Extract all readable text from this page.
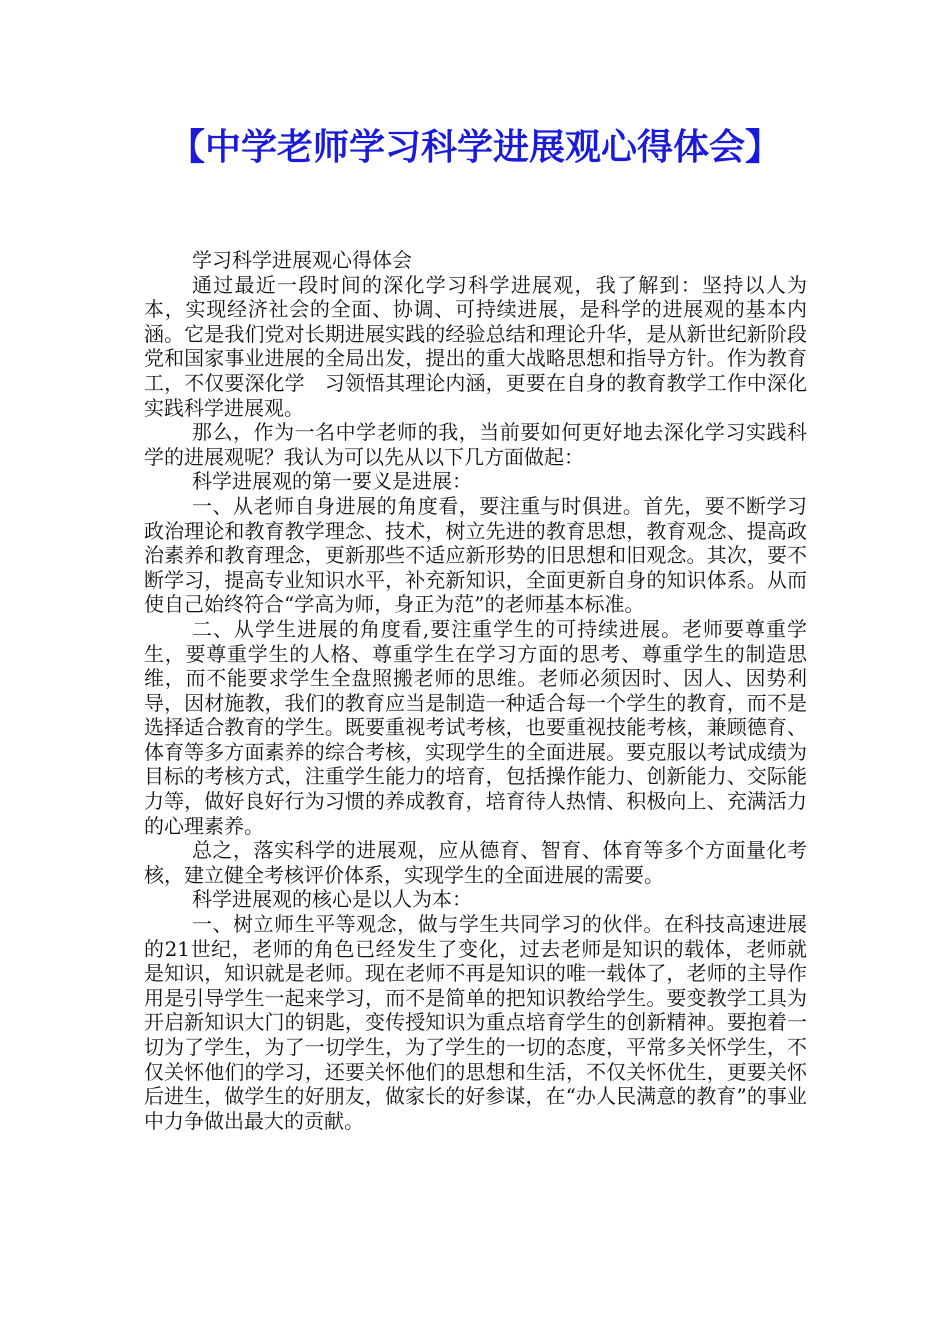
【中学老师学习科学进展观心得体会】

学习科学进展观心得体会

通过最近一段时间的深化学习科学进展观，我了解到：坚持以人为本，实现经济社会的全面、协调、可持续进展，是科学的进展观的基本内涵。它是我们党对长期进展实践的经验总结和理论升华，是从新世纪新阶段党和国家事业进展的全局出发，提出的重大战略思想和指导方针。作为教育工，不仅要深化学　习领悟其理论内涵，更要在自身的教育教学工作中深化实践科学进展观。

那么，作为一名中学老师的我，当前要如何更好地去深化学习实践科学的进展观呢？我认为可以先从以下几方面做起：

科学进展观的第一要义是进展：

一、从老师自身进展的角度看，要注重与时俱进。首先，要不断学习政治理论和教育教学理念、技术，树立先进的教育思想，教育观念、提高政治素养和教育理念，更新那些不适应新形势的旧思想和旧观念。其次，要不断学习，提高专业知识水平，补充新知识，全面更新自身的知识体系。从而使自己始终符合“学高为师，身正为范”的老师基本标准。

二、从学生进展的角度看,要注重学生的可持续进展。老师要尊重学生，要尊重学生的人格、尊重学生在学习方面的思考、尊重学生的制造思维，而不能要求学生全盘照搬老师的思维。老师必须因时、因人、因势利导，因材施教，我们的教育应当是制造一种适合每一个学生的教育，而不是选择适合教育的学生。既要重视考试考核，也要重视技能考核，兼顾德育、体育等多方面素养的综合考核，实现学生的全面进展。要克服以考试成绩为目标的考核方式，注重学生能力的培育，包括操作能力、创新能力、交际能力等，做好良好行为习惯的养成教育，培育待人热情、积极向上、充满活力的心理素养。

总之，落实科学的进展观，应从德育、智育、体育等多个方面量化考核，建立健全考核评价体系，实现学生的全面进展的需要。

科学进展观的核心是以人为本：

一、树立师生平等观念，做与学生共同学习的伙伴。在科技高速进展的21世纪，老师的角色已经发生了变化，过去老师是知识的载体，老师就是知识，知识就是老师。现在老师不再是知识的唯一载体了，老师的主导作用是引导学生一起来学习，而不是简单的把知识教给学生。要变教学工具为开启新知识大门的钥匙，变传授知识为重点培育学生的创新精神。要抱着一切为了学生，为了一切学生，为了学生的一切的态度，平常多关怀学生，不仅关怀他们的学习，还要关怀他们的思想和生活，不仅关怀优生，更要关怀后进生，做学生的好朋友，做家长的好参谋，在“办人民满意的教育”的事业中力争做出最大的贡献。
